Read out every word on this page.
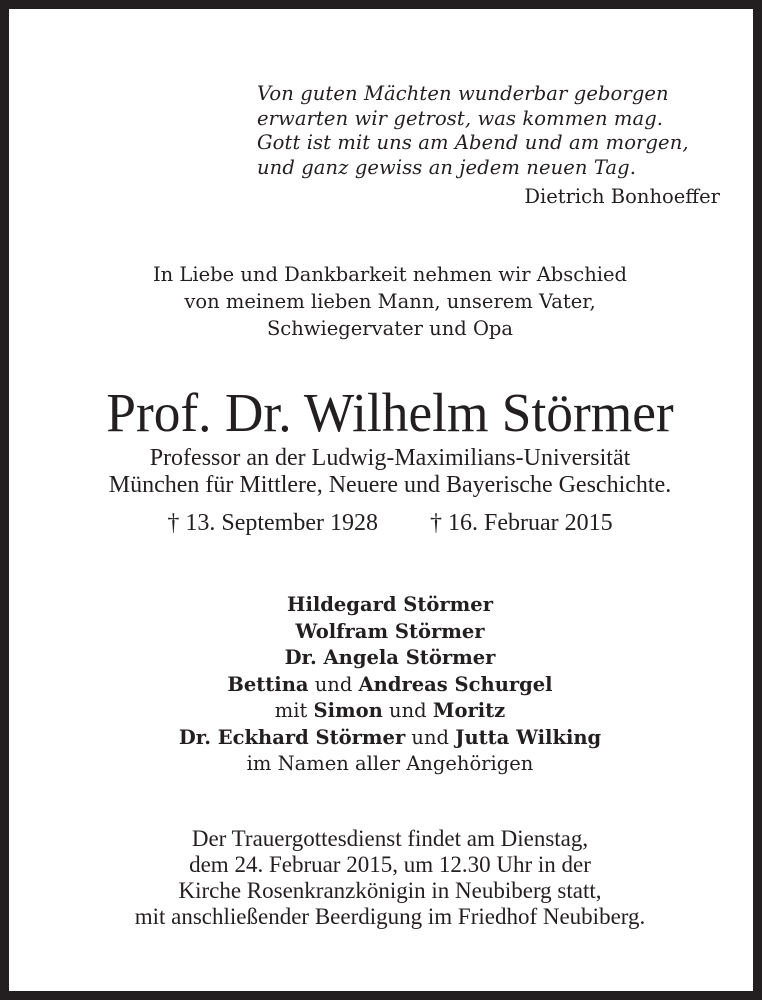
Von guten Mächten wunderbar geborgen
erwarten wir getrost, was kommen mag.
Gott ist mit uns am Abend und am morgen,
und ganz gewiss an jedem neuen Tag.
Dietrich Bonhoeffer
In Liebe und Dankbarkeit nehmen wir Abschied
von meinem lieben Mann, unserem Vater,
Schwiegervater und Opa
Prof. Dr. Wilhelm Störmer
Professor an der Ludwig-Maximilians-Universität
München für Mittlere, Neuere und Bayerische Geschichte.
† 13. September 1928 † 16. Februar 2015
Hildegard Störmer
Wolfram Störmer
Dr. Angela Störmer
Bettina und Andreas Schurgel
mit Simon und Moritz
Dr. Eckhard Störmer und Jutta Wilking
im Namen aller Angehörigen
Der Trauergottesdienst findet am Dienstag,
dem 24. Februar 2015, um 12.30 Uhr in der
Kirche Rosenkranzkönigin in Neubiberg statt,
mit anschließender Beerdigung im Friedhof Neubiberg.
